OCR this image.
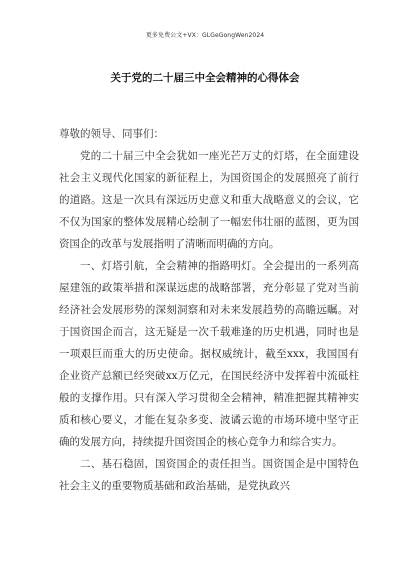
更多免费公文+VX：GLGeGongWen2024
关于党的二十届三中全会精神的心得体会
尊敬的领导、同事们：

党的二十届三中全会犹如一座光芒万丈的灯塔，在全面建设社会主义现代化国家的新征程上，为国资国企的发展照亮了前行的道路。这是一次具有深远历史意义和重大战略意义的会议，它不仅为国家的整体发展精心绘制了一幅宏伟壮丽的蓝图，更为国资国企的改革与发展指明了清晰而明确的方向。

一、灯塔引航，全会精神的指路明灯。全会提出的一系列高屋建瓴的政策举措和深谋远虑的战略部署，充分彰显了党对当前经济社会发展形势的深刻洞察和对未来发展趋势的高瞻远瞩。对于国资国企而言，这无疑是一次千载难逢的历史机遇，同时也是一项艰巨而重大的历史使命。据权威统计，截至xxx，我国国有企业资产总额已经突破xx万亿元，在国民经济中发挥着中流砥柱般的支撑作用。只有深入学习贯彻全会精神，精准把握其精神实质和核心要义，才能在复杂多变、波谲云诡的市场环境中坚守正确的发展方向，持续提升国资国企的核心竞争力和综合实力。

二、基石稳固，国资国企的责任担当。国资国企是中国特色社会主义的重要物质基础和政治基础，是党执政兴
